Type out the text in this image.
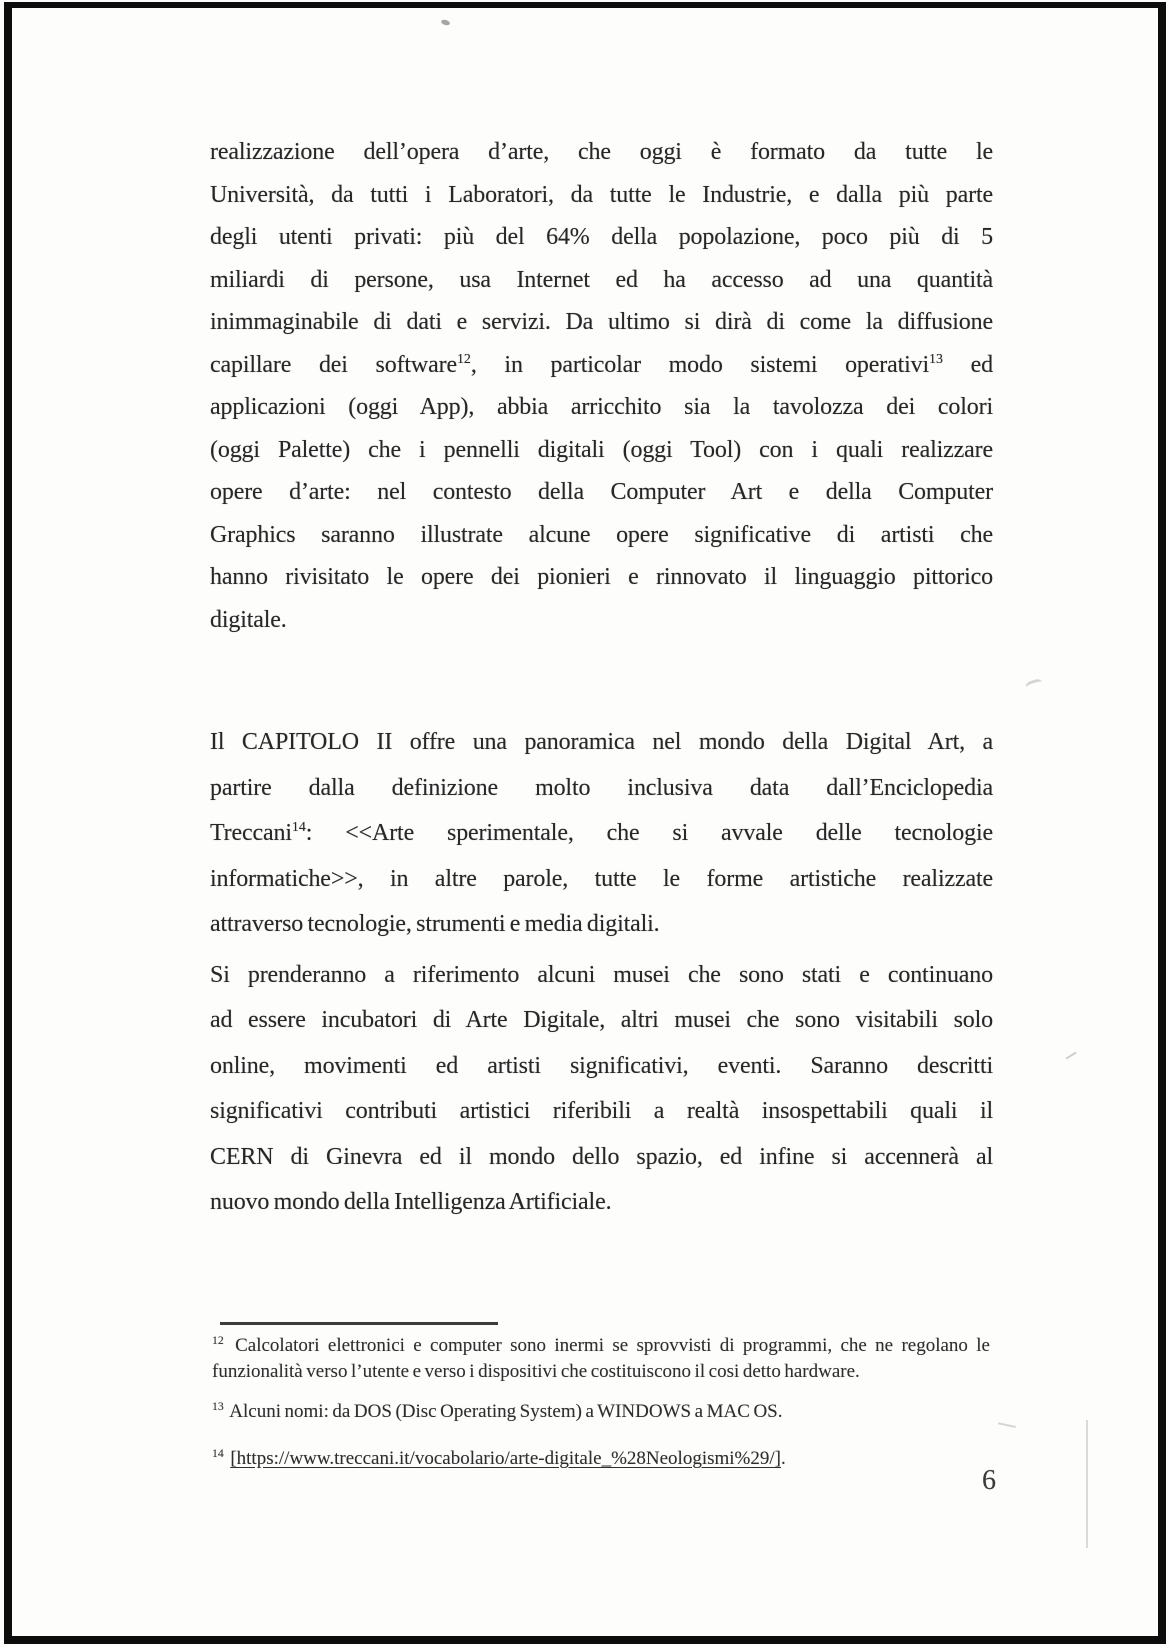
realizzazione dell’opera d’arte, che oggi è formato da tutte le
Università, da tutti i Laboratori, da tutte le Industrie, e dalla più parte
degli utenti privati: più del 64% della popolazione, poco più di 5
miliardi di persone, usa Internet ed ha accesso ad una quantità
inimmaginabile di dati e servizi. Da ultimo si dirà di come la diffusione
capillare dei software$^{12}$, in particolar modo sistemi operativi$^{13}$ ed
applicazioni (oggi App), abbia arricchito sia la tavolozza dei colori
(oggi Palette) che i pennelli digitali (oggi Tool) con i quali realizzare
opere d’arte: nel contesto della Computer Art e della Computer
Graphics saranno illustrate alcune opere significative di artisti che
hanno rivisitato le opere dei pionieri e rinnovato il linguaggio pittorico
digitale.
Il CAPITOLO II offre una panoramica nel mondo della Digital Art, a
partire dalla definizione molto inclusiva data dall’Enciclopedia
Treccani$^{14}$: <<Arte sperimentale, che si avvale delle tecnologie
informatiche>>, in altre parole, tutte le forme artistiche realizzate
attraverso tecnologie, strumenti e media digitali.
Si prenderanno a riferimento alcuni musei che sono stati e continuano
ad essere incubatori di Arte Digitale, altri musei che sono visitabili solo
online, movimenti ed artisti significativi, eventi. Saranno descritti
significativi contributi artistici riferibili a realtà insospettabili quali il
CERN di Ginevra ed il mondo dello spazio, ed infine si accennerà al
nuovo mondo della Intelligenza Artificiale.
$^{12}$ Calcolatori elettronici e computer sono inermi se sprovvisti di programmi, che ne regolano le
funzionalità verso l’utente e verso i dispositivi che costituiscono il cosi detto hardware.
$^{13}$ Alcuni nomi: da DOS (Disc Operating System) a WINDOWS a MAC OS.
$^{14}$ [https://www.treccani.it/vocabolario/arte-digitale_%28Neologismi%29/].
6
